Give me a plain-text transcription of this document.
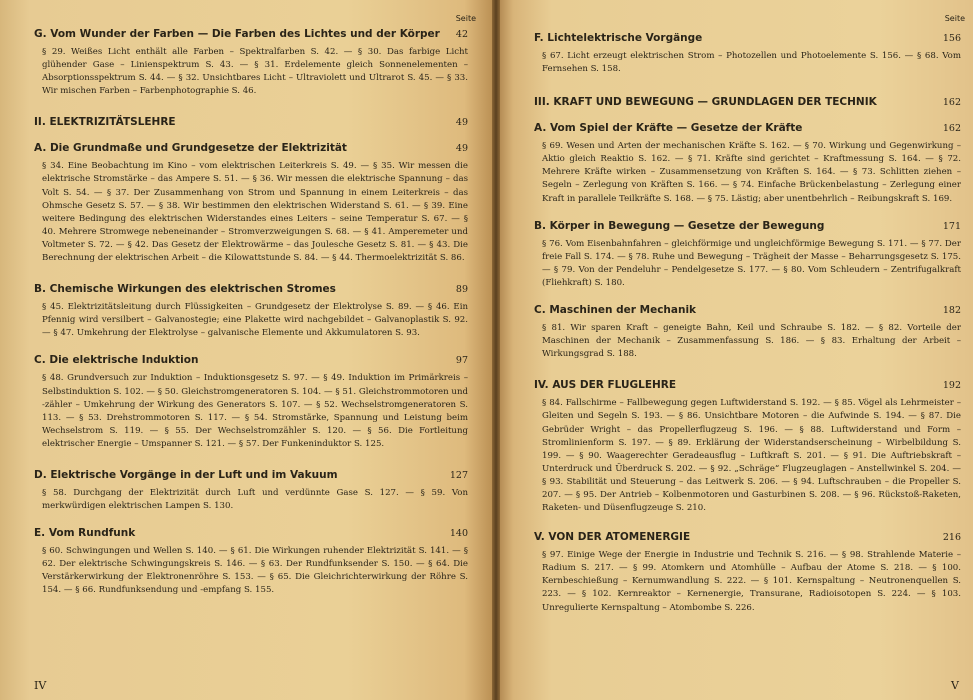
Seite
G. Vom Wunder der Farben — Die Farben des Lichtes und der Körper	42
§ 29. Weißes Licht enthält alle Farben – Spektralfarben S. 42. — § 30. Das farbige Licht glühender Gase – Linienspektrum S. 43. — § 31. Erdelemente gleich Sonnenelementen – Absorptionsspektrum S. 44. — § 32. Unsichtbares Licht – Ultraviolett und Ultrarot S. 45. — § 33. Wir mischen Farben – Farbenphotographie S. 46.
II. ELEKTRIZITÄTSLEHRE	49
A. Die Grundmaße und Grundgesetze der Elektrizität	49
§ 34. Eine Beobachtung im Kino – vom elektrischen Leiterkreis S. 49. — § 35. Wir messen die elektrische Stromstärke – das Ampere S. 51. — § 36. Wir messen die elektrische Spannung – das Volt S. 54. — § 37. Der Zusammenhang von Strom und Spannung in einem Leiterkreis – das Ohmsche Gesetz S. 57. — § 38. Wir bestimmen den elektrischen Widerstand S. 61. — § 39. Eine weitere Bedingung des elektrischen Widerstandes eines Leiters – seine Temperatur S. 67. — § 40. Mehrere Stromwege nebeneinander – Stromverzweigungen S. 68. — § 41. Amperemeter und Voltmeter S. 72. — § 42. Das Gesetz der Elektrowärme – das Joulesche Gesetz S. 81. — § 43. Die Berechnung der elektrischen Arbeit – die Kilowattstunde S. 84. — § 44. Thermoelektrizität S. 86.
B. Chemische Wirkungen des elektrischen Stromes	89
§ 45. Elektrizitätsleitung durch Flüssigkeiten – Grundgesetz der Elektrolyse S. 89. — § 46. Ein Pfennig wird versilbert – Galvanostegie; eine Plakette wird nachgebildet – Galvanoplastik S. 92. — § 47. Umkehrung der Elektrolyse – galvanische Elemente und Akkumulatoren S. 93.
C. Die elektrische Induktion	97
§ 48. Grundversuch zur Induktion – Induktionsgesetz S. 97. — § 49. Induktion im Primärkreis – Selbstinduktion S. 102. — § 50. Gleichstromgeneratoren S. 104. — § 51. Gleichstrommotoren und -zähler – Umkehrung der Wirkung des Generators S. 107. — § 52. Wechselstromgeneratoren S. 113. — § 53. Drehstrommotoren S. 117. — § 54. Stromstärke, Spannung und Leistung beim Wechselstrom S. 119. — § 55. Der Wechselstromzähler S. 120. — § 56. Die Fortleitung elektrischer Energie – Umspanner S. 121. — § 57. Der Funkeninduktor S. 125.
D. Elektrische Vorgänge in der Luft und im Vakuum	127
§ 58. Durchgang der Elektrizität durch Luft und verdünnte Gase S. 127. — § 59. Von merkwürdigen elektrischen Lampen S. 130.
E. Vom Rundfunk	140
§ 60. Schwingungen und Wellen S. 140. — § 61. Die Wirkungen ruhender Elektrizität S. 141. — § 62. Der elektrische Schwingungskreis S. 146. — § 63. Der Rundfunksender S. 150. — § 64. Die Verstärkerwirkung der Elektronenröhre S. 153. — § 65. Die Gleichrichterwirkung der Röhre S. 154. — § 66. Rundfunksendung und -empfang S. 155.
IV
Seite
F. Lichtelektrische Vorgänge	156
§ 67. Licht erzeugt elektrischen Strom – Photozellen und Photoelemente S. 156. — § 68. Vom Fernsehen S. 158.
III. KRAFT UND BEWEGUNG — GRUNDLAGEN DER TECHNIK	162
A. Vom Spiel der Kräfte — Gesetze der Kräfte	162
§ 69. Wesen und Arten der mechanischen Kräfte S. 162. — § 70. Wirkung und Gegenwirkung – Aktio gleich Reaktio S. 162. — § 71. Kräfte sind gerichtet – Kraftmessung S. 164. — § 72. Mehrere Kräfte wirken – Zusammensetzung von Kräften S. 164. — § 73. Schlitten ziehen – Segeln – Zerlegung von Kräften S. 166. — § 74. Einfache Brückenbelastung – Zerlegung einer Kraft in parallele Teilkräfte S. 168. — § 75. Lästig; aber unentbehrlich – Reibungskraft S. 169.
B. Körper in Bewegung — Gesetze der Bewegung	171
§ 76. Vom Eisenbahnfahren – gleichförmige und ungleichförmige Bewegung S. 171. — § 77. Der freie Fall S. 174. — § 78. Ruhe und Bewegung – Trägheit der Masse – Beharrungsgesetz S. 175. — § 79. Von der Pendeluhr – Pendelgesetze S. 177. — § 80. Vom Schleudern – Zentrifugalkraft (Fliehkraft) S. 180.
C. Maschinen der Mechanik	182
§ 81. Wir sparen Kraft – geneigte Bahn, Keil und Schraube S. 182. — § 82. Vorteile der Maschinen der Mechanik – Zusammenfassung S. 186. — § 83. Erhaltung der Arbeit – Wirkungsgrad S. 188.
IV. AUS DER FLUGLEHRE	192
§ 84. Fallschirme – Fallbewegung gegen Luftwiderstand S. 192. — § 85. Vögel als Lehrmeister – Gleiten und Segeln S. 193. — § 86. Unsichtbare Motoren – die Aufwinde S. 194. — § 87. Die Gebrüder Wright – das Propellerflugzeug S. 196. — § 88. Luftwiderstand und Form – Stromlinienform S. 197. — § 89. Erklärung der Widerstandserscheinung – Wirbelbildung S. 199. — § 90. Waagerechter Geradeausflug – Luftkraft S. 201. — § 91. Die Auftriebskraft – Unterdruck und Überdruck S. 202. — § 92. „Schräge“ Flugzeuglagen – Anstellwinkel S. 204. — § 93. Stabilität und Steuerung – das Leitwerk S. 206. — § 94. Luftschrauben – die Propeller S. 207. — § 95. Der Antrieb – Kolbenmotoren und Gasturbinen S. 208. — § 96. Rückstoß-Raketen, Raketen- und Düsenflugzeuge S. 210.
V. VON DER ATOMENERGIE	216
§ 97. Einige Wege der Energie in Industrie und Technik S. 216. — § 98. Strahlende Materie – Radium S. 217. — § 99. Atomkern und Atomhülle – Aufbau der Atome S. 218. — § 100. Kernbeschießung – Kernumwandlung S. 222. — § 101. Kernspaltung – Neutronenquellen S. 223. — § 102. Kernreaktor – Kernenergie, Transurane, Radioisotopen S. 224. — § 103. Unregulierte Kernspaltung – Atombombe S. 226.
V
